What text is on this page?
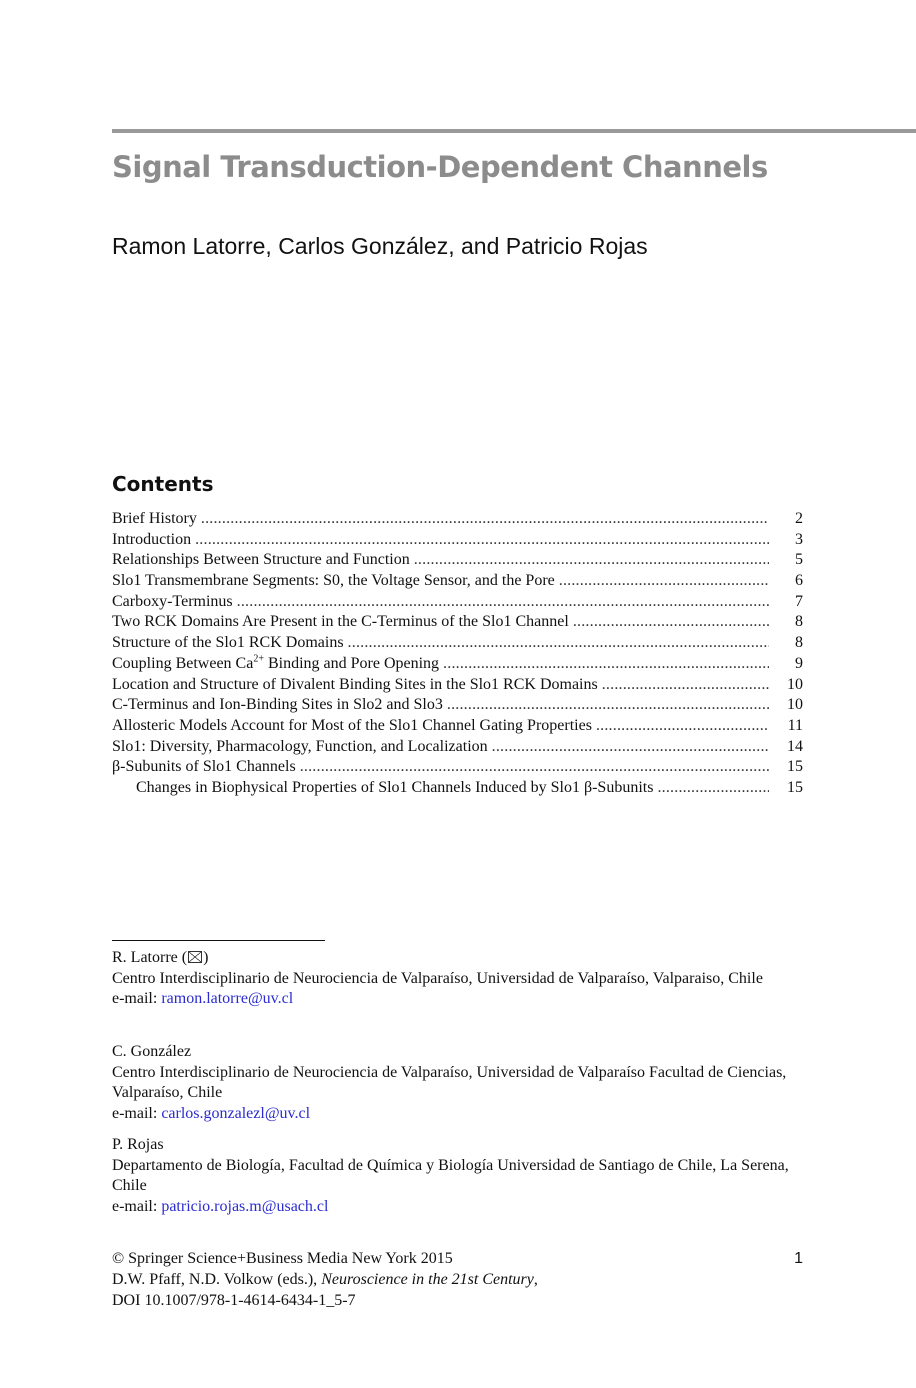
Signal Transduction-Dependent Channels
Ramon Latorre, Carlos González, and Patricio Rojas
Contents
Brief History . . .	2
Introduction . . .	3
Relationships Between Structure and Function . . .	5
Slo1 Transmembrane Segments: S0, the Voltage Sensor, and the Pore . . .	6
Carboxy-Terminus . . .	7
Two RCK Domains Are Present in the C-Terminus of the Slo1 Channel . . .	8
Structure of the Slo1 RCK Domains . . .	8
Coupling Between $Ca^{2+}$ Binding and Pore Opening . . .	9
Location and Structure of Divalent Binding Sites in the Slo1 RCK Domains . . .	10
C-Terminus and Ion-Binding Sites in Slo2 and Slo3 . . .	10
Allosteric Models Account for Most of the Slo1 Channel Gating Properties . . .	11
Slo1: Diversity, Pharmacology, Function, and Localization . . .	14
β-Subunits of Slo1 Channels . . .	15
Changes in Biophysical Properties of Slo1 Channels Induced by Slo1 β-Subunits . . .	15

R. Latorre ( )

Centro Interdisciplinario de Neurociencia de Valparaíso, Universidad de Valparaíso, Valparaiso, Chile

e-mail: ramon.latorre@uv.cl

C. González

Centro Interdisciplinario de Neurociencia de Valparaíso, Universidad de Valparaíso Facultad de Ciencias, Valparaíso, Chile

e-mail: carlos.gonzalezl@uv.cl

P. Rojas

Departamento de Biología, Facultad de Química y Biología Universidad de Santiago de Chile, La Serena, Chile

e-mail: patricio.rojas.m@usach.cl

© Springer Science+Business Media New York 2015

D.W. Pfaff, N.D. Volkow (eds.), Neuroscience in the 21st Century,

DOI 10.1007/978-1-4614-6434-1_5-7

1
